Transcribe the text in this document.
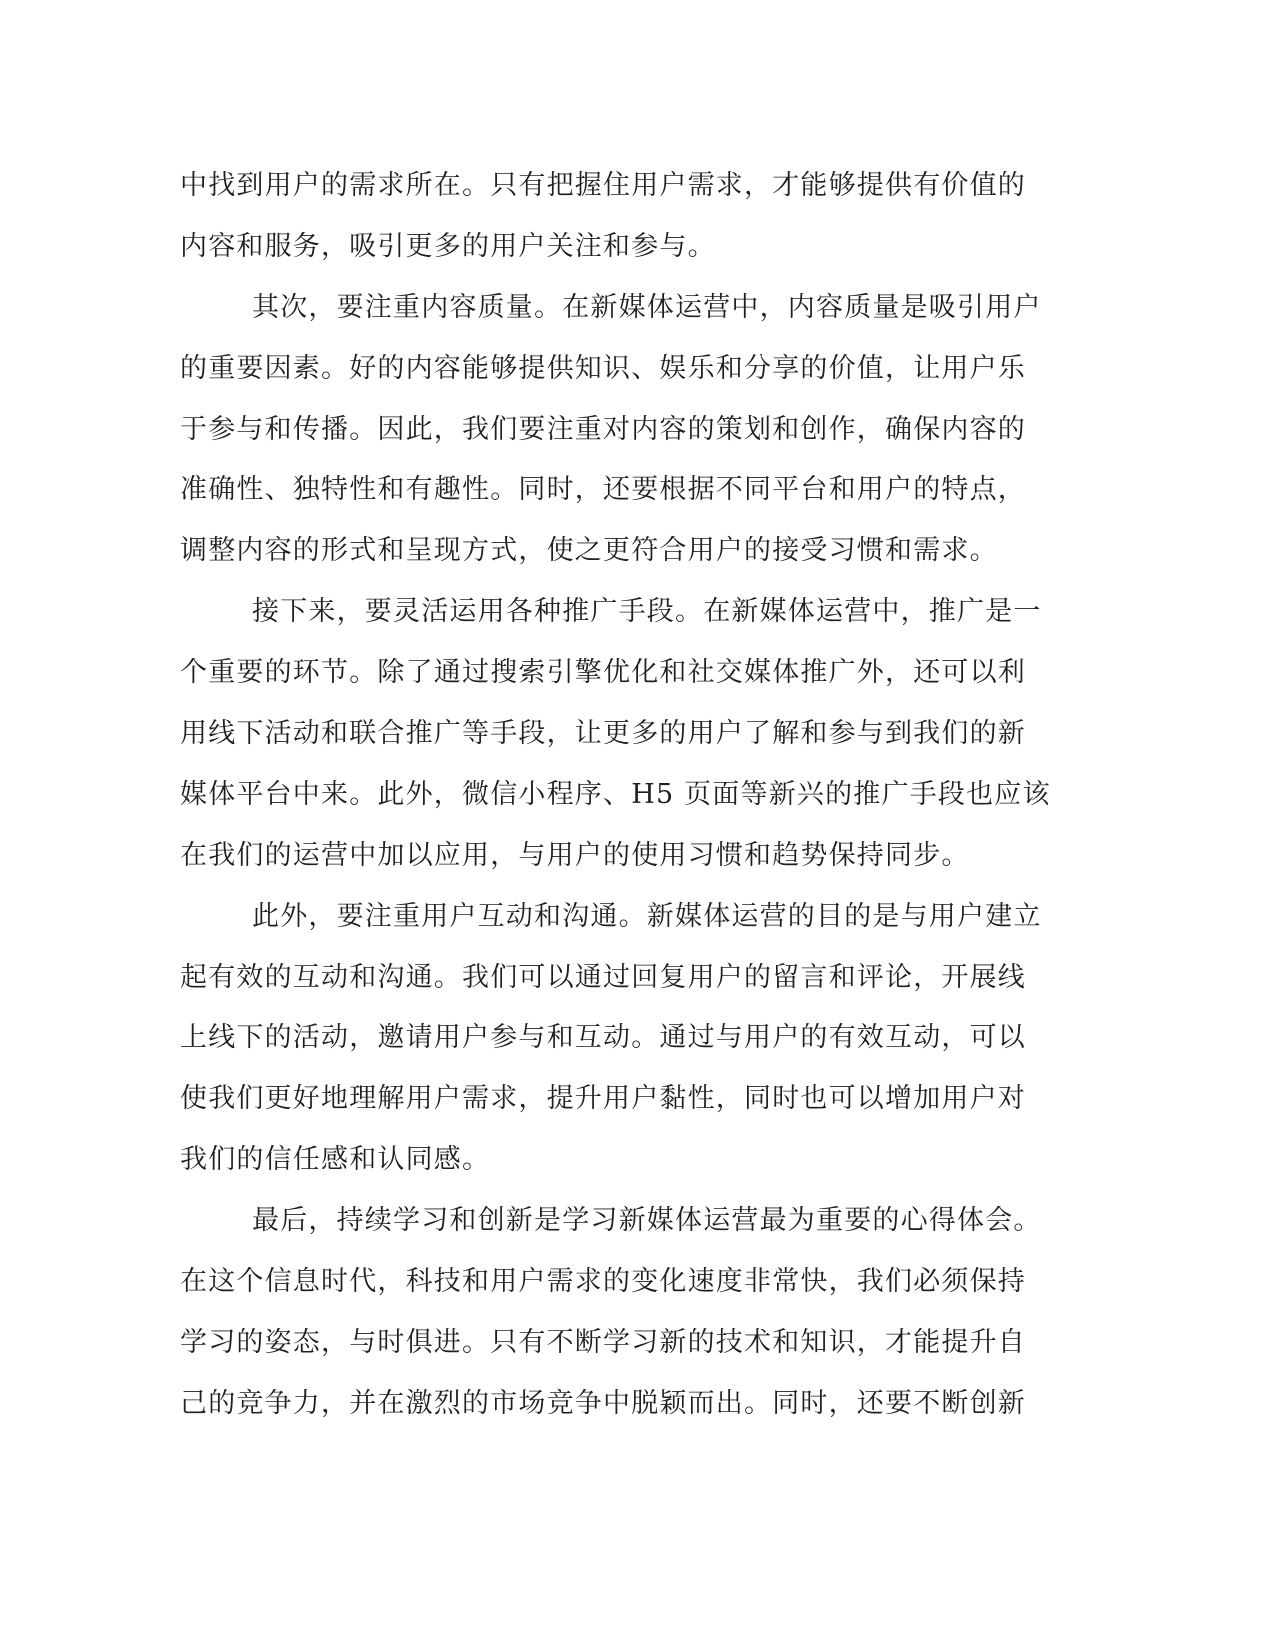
中找到用户的需求所在。只有把握住用户需求，才能够提供有价值的
内容和服务，吸引更多的用户关注和参与。
其次，要注重内容质量。在新媒体运营中，内容质量是吸引用户
的重要因素。好的内容能够提供知识、娱乐和分享的价值，让用户乐
于参与和传播。因此，我们要注重对内容的策划和创作，确保内容的
准确性、独特性和有趣性。同时，还要根据不同平台和用户的特点，
调整内容的形式和呈现方式，使之更符合用户的接受习惯和需求。
接下来，要灵活运用各种推广手段。在新媒体运营中，推广是一
个重要的环节。除了通过搜索引擎优化和社交媒体推广外，还可以利
用线下活动和联合推广等手段，让更多的用户了解和参与到我们的新
媒体平台中来。此外，微信小程序、H5 页面等新兴的推广手段也应该
在我们的运营中加以应用，与用户的使用习惯和趋势保持同步。
此外，要注重用户互动和沟通。新媒体运营的目的是与用户建立
起有效的互动和沟通。我们可以通过回复用户的留言和评论，开展线
上线下的活动，邀请用户参与和互动。通过与用户的有效互动，可以
使我们更好地理解用户需求，提升用户黏性，同时也可以增加用户对
我们的信任感和认同感。
最后，持续学习和创新是学习新媒体运营最为重要的心得体会。
在这个信息时代，科技和用户需求的变化速度非常快，我们必须保持
学习的姿态，与时俱进。只有不断学习新的技术和知识，才能提升自
己的竞争力，并在激烈的市场竞争中脱颖而出。同时，还要不断创新
